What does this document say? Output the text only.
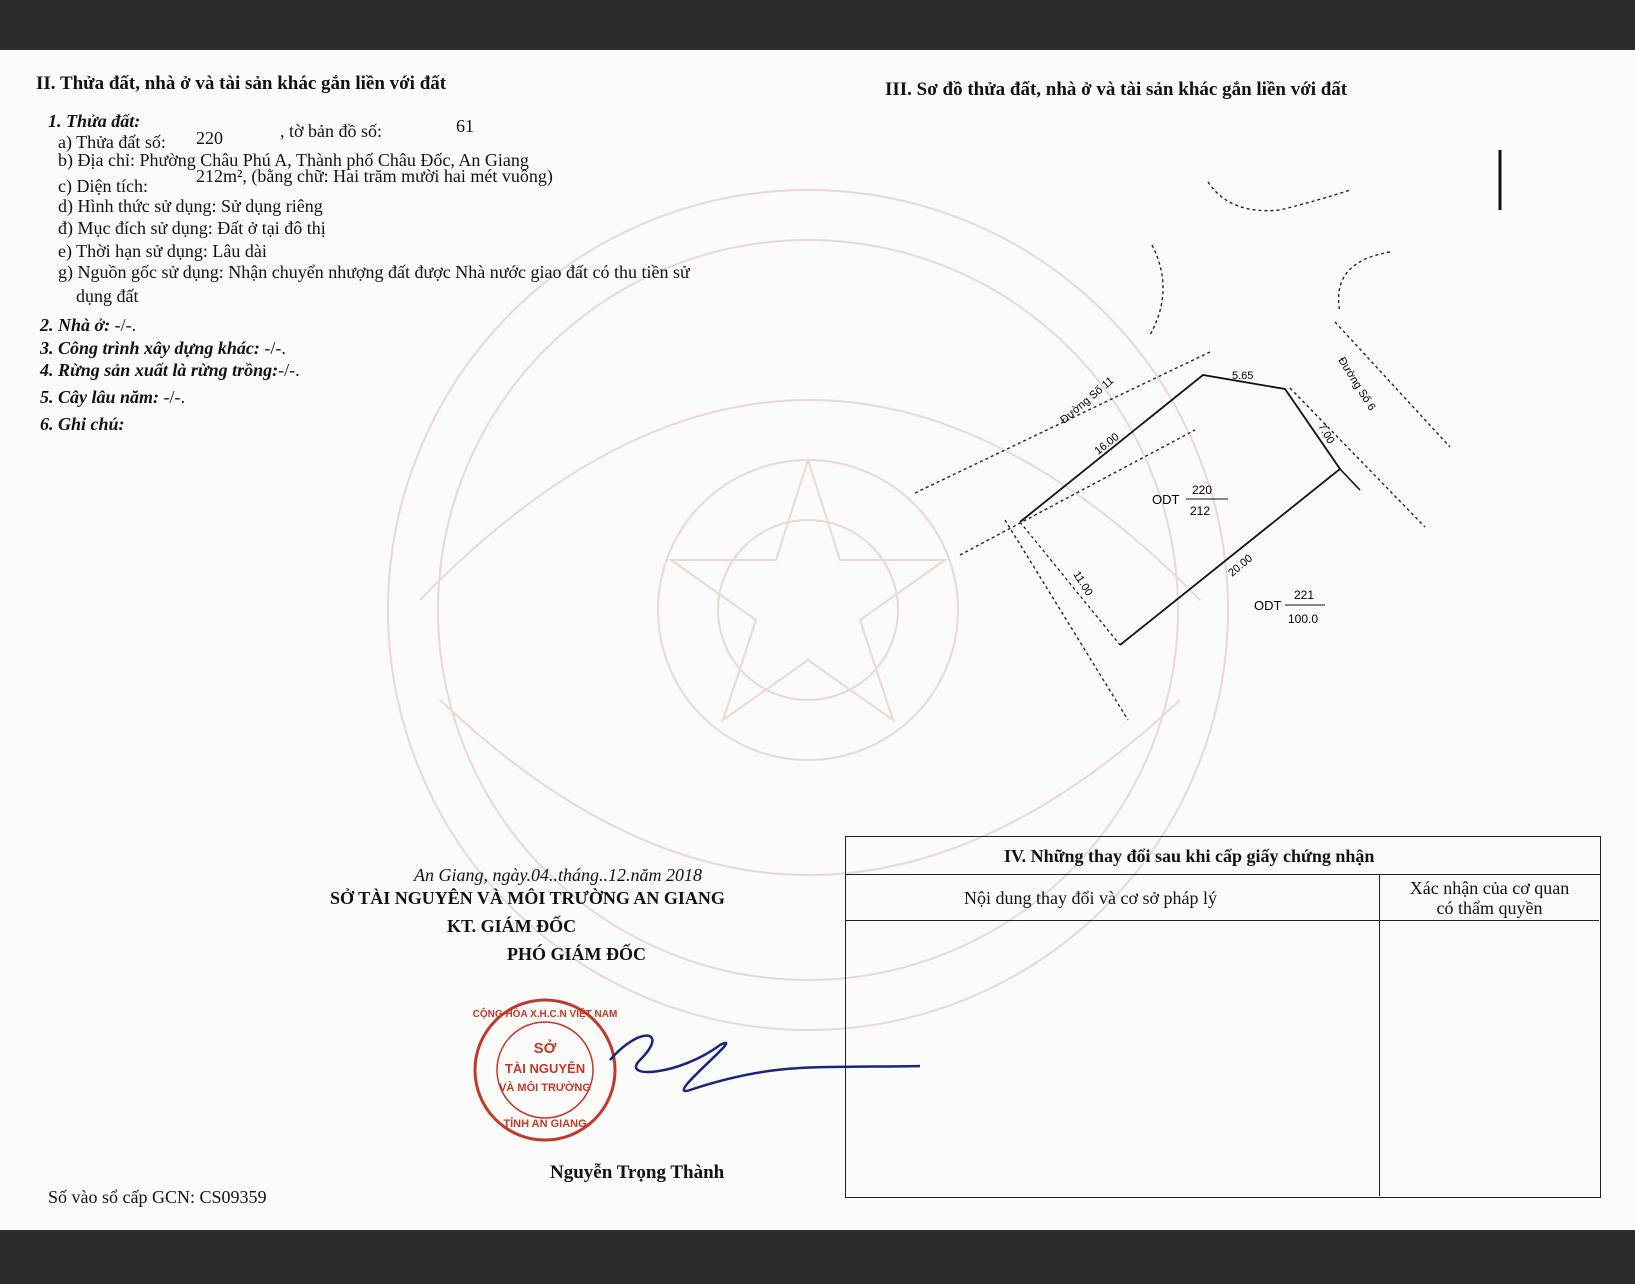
II. Thửa đất, nhà ở và tài sản khác gắn liền với đất
1. Thửa đất:
a) Thửa đất số: 220	, tờ bản đồ số:	61
b) Địa chỉ: Phường Châu Phú A, Thành phố Châu Đốc, An Giang
c) Diện tích:	212m², (bằng chữ: Hai trăm mười hai mét vuông)
d) Hình thức sử dụng: Sử dụng riêng
đ) Mục đích sử dụng: Đất ở tại đô thị
e) Thời hạn sử dụng: Lâu dài
g) Nguồn gốc sử dụng: Nhận chuyển nhượng đất được Nhà nước giao đất có thu tiền sử
dụng đất
2. Nhà ở: -/-.
3. Công trình xây dựng khác: -/-.
4. Rừng sản xuất là rừng trồng:-/-.
5. Cây lâu năm: -/-.
6. Ghi chú:
An Giang, ngày.04..tháng..12.năm 2018
SỞ TÀI NGUYÊN VÀ MÔI TRƯỜNG AN GIANG
KT. GIÁM ĐỐC
PHÓ GIÁM ĐỐC
CỘNG HÒA X.H.C.N VIỆT NAM
SỞ
TÀI NGUYÊN
VÀ MÔI TRƯỜNG
TỈNH AN GIANG
Nguyễn Trọng Thành
Số vào sổ cấp GCN: CS09359
III. Sơ đồ thửa đất, nhà ở và tài sản khác gắn liền với đất
5.65
7.00
16.00
20.00
11.00
Đường Số 11	Đường Số 6
ODT
220
212
ODT
221
100.0
IV. Những thay đổi sau khi cấp giấy chứng nhận
Nội dung thay đổi và cơ sở pháp lý	Xác nhận của cơ quan
có thẩm quyền
